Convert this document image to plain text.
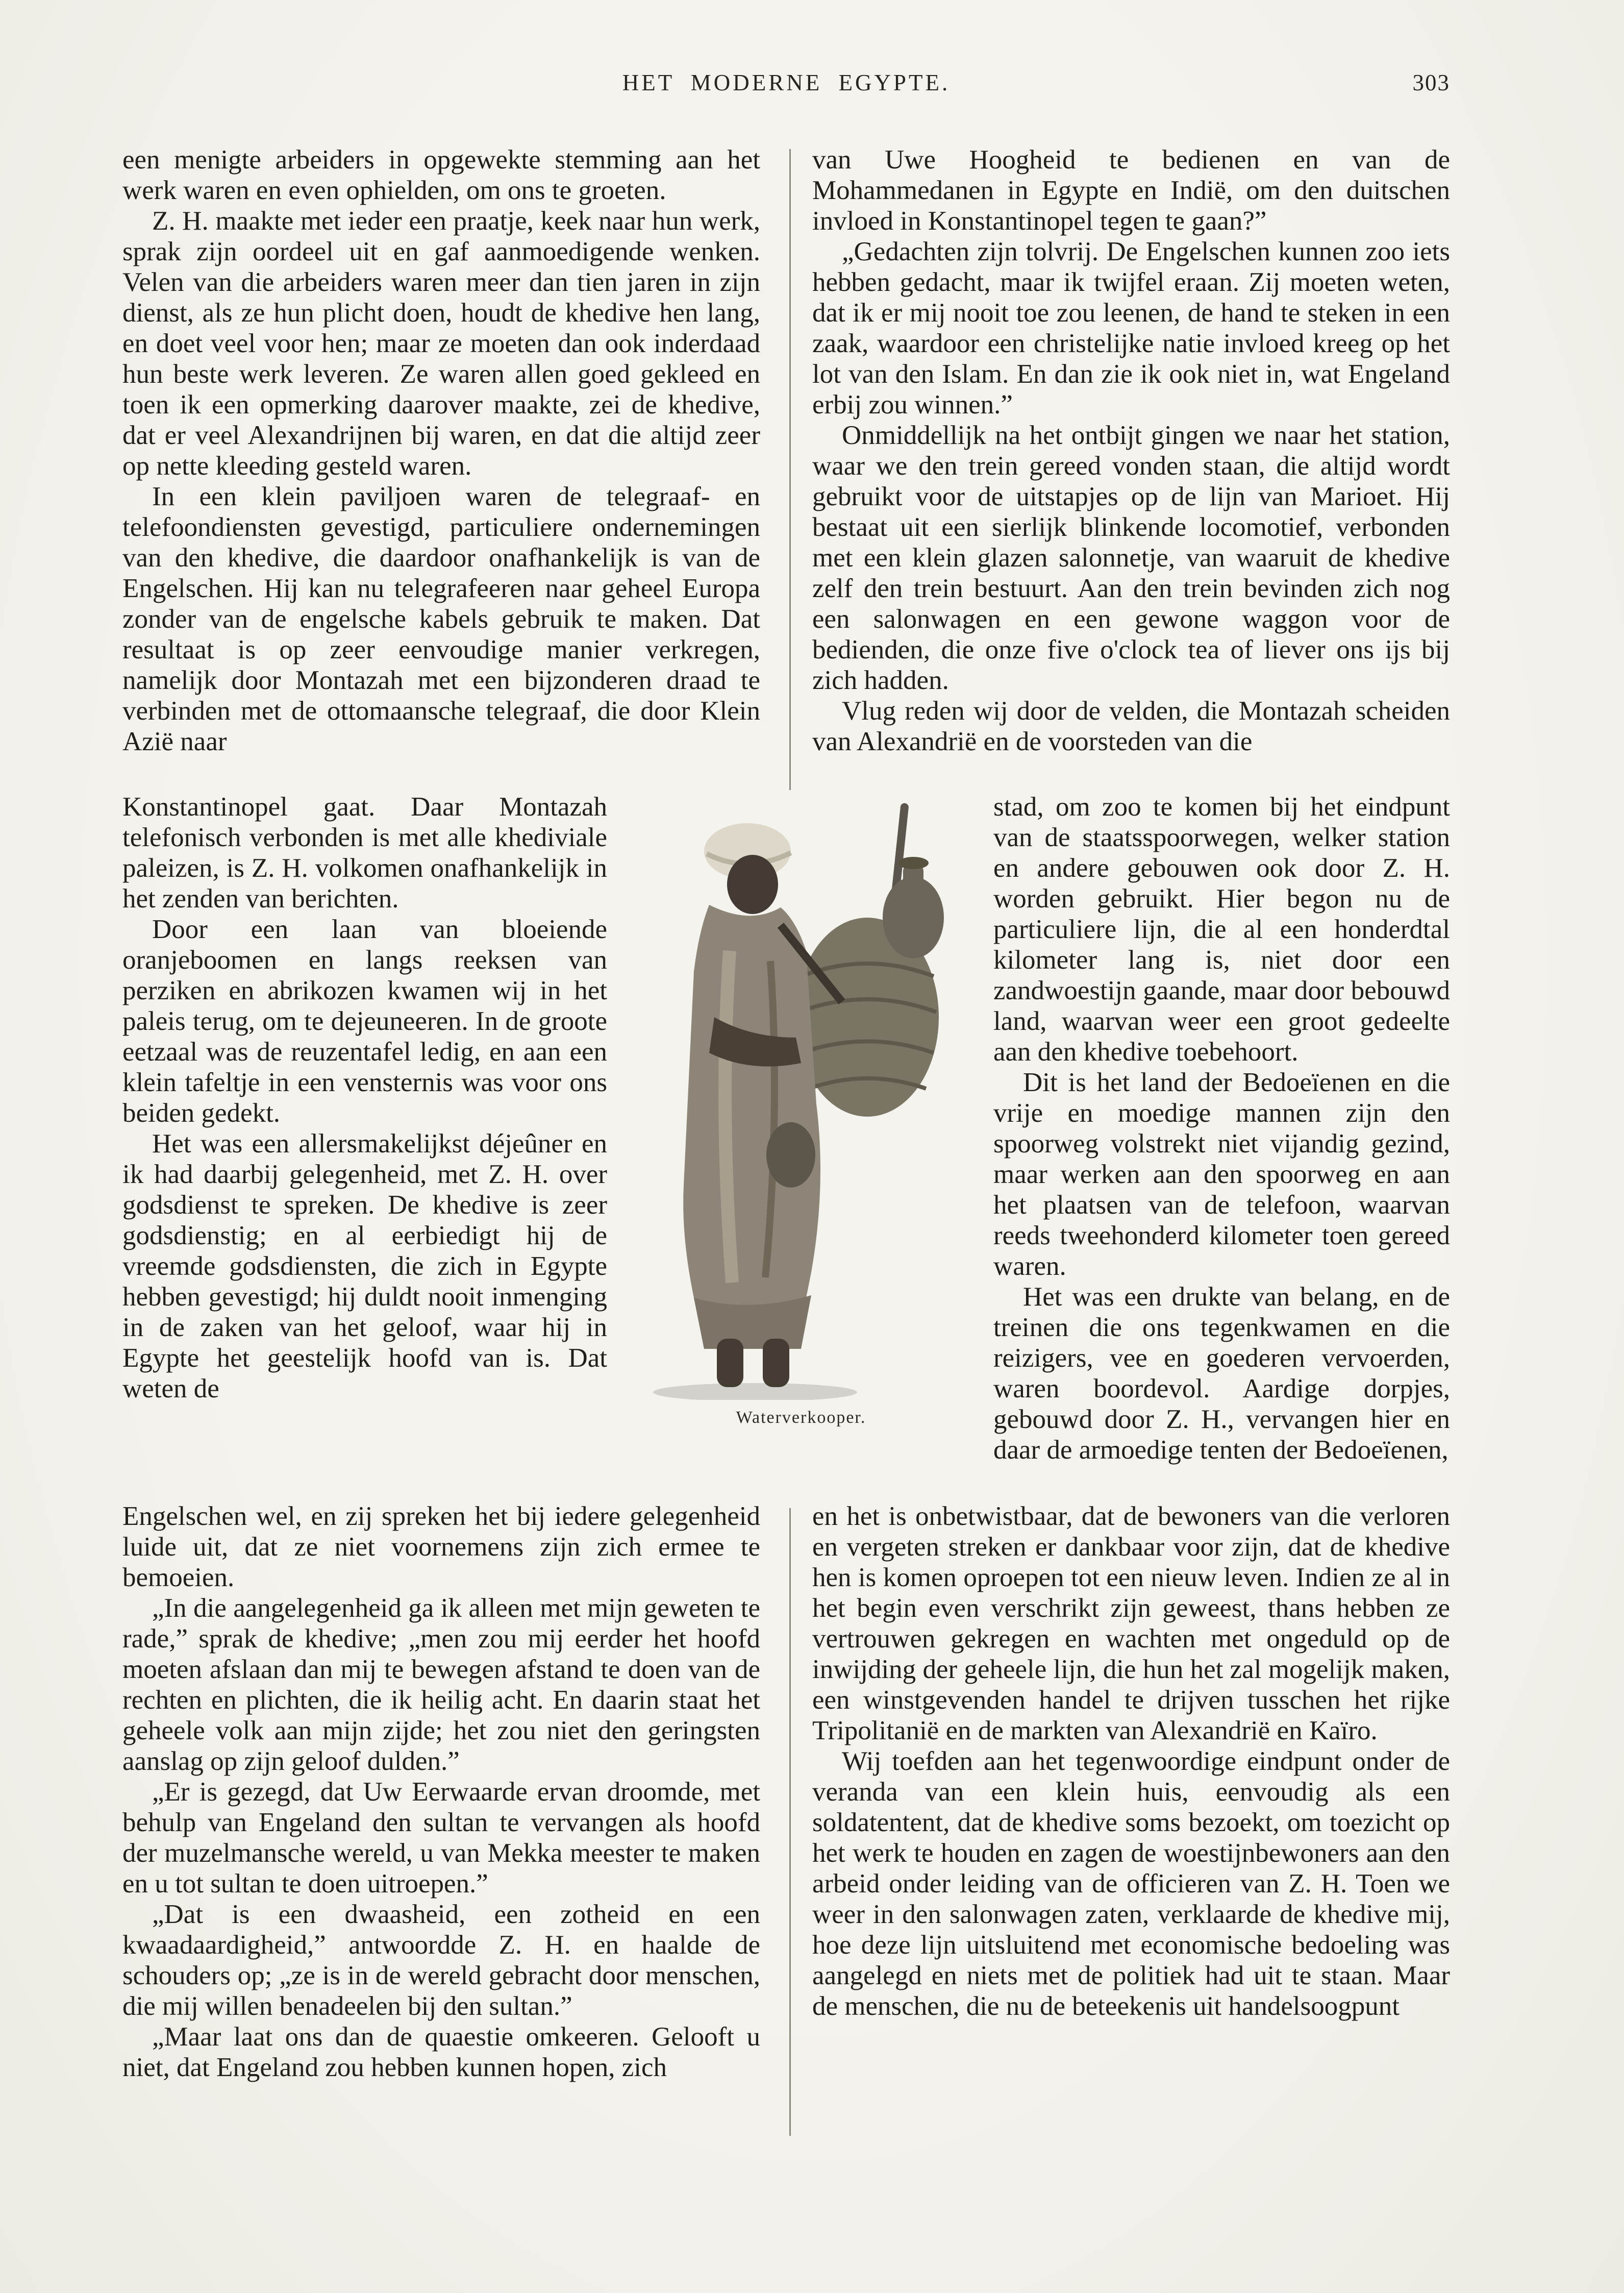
HET MODERNE EGYPTE.	303

een menigte arbeiders in opgewekte stemming aan het werk waren en even ophielden, om ons te groeten.

Z. H. maakte met ieder een praatje, keek naar hun werk, sprak zijn oordeel uit en gaf aanmoedigende wenken. Velen van die arbeiders waren meer dan tien jaren in zijn dienst, als ze hun plicht doen, houdt de khedive hen lang, en doet veel voor hen; maar ze moeten dan ook inderdaad hun beste werk leveren. Ze waren allen goed gekleed en toen ik een opmerking daarover maakte, zei de khedive, dat er veel Alexandrijnen bij waren, en dat die altijd zeer op nette kleeding gesteld waren.

In een klein paviljoen waren de telegraaf- en telefoondiensten gevestigd, particuliere ondernemingen van den khedive, die daardoor onafhankelijk is van de Engelschen. Hij kan nu telegrafeeren naar geheel Europa zonder van de engelsche kabels gebruik te maken. Dat resultaat is op zeer eenvoudige manier verkregen, namelijk door Montazah met een bijzonderen draad te verbinden met de ottomaansche telegraaf, die door Klein Azië naar

Konstantinopel gaat. Daar Montazah telefonisch verbonden is met alle khediviale paleizen, is Z. H. volkomen onafhankelijk in het zenden van berichten.

Door een laan van bloeiende oranjeboomen en langs reeksen van perziken en abrikozen kwamen wij in het paleis terug, om te dejeuneeren. In de groote eetzaal was de reuzentafel ledig, en aan een klein tafeltje in een vensternis was voor ons beiden gedekt.

Het was een allersmakelijkst déjeûner en ik had daarbij gelegenheid, met Z. H. over godsdienst te spreken. De khedive is zeer godsdienstig; en al eerbiedigt hij de vreemde godsdiensten, die zich in Egypte hebben gevestigd; hij duldt nooit inmenging in de zaken van het geloof, waar hij in Egypte het geestelijk hoofd van is. Dat weten de

Engelschen wel, en zij spreken het bij iedere gelegenheid luide uit, dat ze niet voornemens zijn zich ermee te bemoeien.

„In die aangelegenheid ga ik alleen met mijn geweten te rade,” sprak de khedive; „men zou mij eerder het hoofd moeten afslaan dan mij te bewegen afstand te doen van de rechten en plichten, die ik heilig acht. En daarin staat het geheele volk aan mijn zijde; het zou niet den geringsten aanslag op zijn geloof dulden.”

„Er is gezegd, dat Uw Eerwaarde ervan droomde, met behulp van Engeland den sultan te vervangen als hoofd der muzelmansche wereld, u van Mekka meester te maken en u tot sultan te doen uitroepen.”

„Dat is een dwaasheid, een zotheid en een kwaadaardigheid,” antwoordde Z. H. en haalde de schouders op; „ze is in de wereld gebracht door menschen, die mij willen benadeelen bij den sultan.”

„Maar laat ons dan de quaestie omkeeren. Gelooft u niet, dat Engeland zou hebben kunnen hopen, zich

van Uwe Hoogheid te bedienen en van de Mohammedanen in Egypte en Indië, om den duitschen invloed in Konstantinopel tegen te gaan?”

„Gedachten zijn tolvrij. De Engelschen kunnen zoo iets hebben gedacht, maar ik twijfel eraan. Zij moeten weten, dat ik er mij nooit toe zou leenen, de hand te steken in een zaak, waardoor een christelijke natie invloed kreeg op het lot van den Islam. En dan zie ik ook niet in, wat Engeland erbij zou winnen.”

Onmiddellijk na het ontbijt gingen we naar het station, waar we den trein gereed vonden staan, die altijd wordt gebruikt voor de uitstapjes op de lijn van Marioet. Hij bestaat uit een sierlijk blinkende locomotief, verbonden met een klein glazen salonnetje, van waaruit de khedive zelf den trein bestuurt. Aan den trein bevinden zich nog een salonwagen en een gewone waggon voor de bedienden, die onze five o'clock tea of liever ons ijs bij zich hadden.

Vlug reden wij door de velden, die Montazah scheiden van Alexandrië en de voorsteden van die

stad, om zoo te komen bij het eindpunt van de staatsspoorwegen, welker station en andere gebouwen ook door Z. H. worden gebruikt. Hier begon nu de particuliere lijn, die al een honderdtal kilometer lang is, niet door een zandwoestijn gaande, maar door bebouwd land, waarvan weer een groot gedeelte aan den khedive toebehoort.

Dit is het land der Bedoeïenen en die vrije en moedige mannen zijn den spoorweg volstrekt niet vijandig gezind, maar werken aan den spoorweg en aan het plaatsen van de telefoon, waarvan reeds tweehonderd kilometer toen gereed waren.

Het was een drukte van belang, en de treinen die ons tegenkwamen en die reizigers, vee en goederen vervoerden, waren boordevol. Aardige dorpjes, gebouwd door Z. H., vervangen hier en daar de armoedige tenten der Bedoeïenen,

en het is onbetwistbaar, dat de bewoners van die verloren en vergeten streken er dankbaar voor zijn, dat de khedive hen is komen oproepen tot een nieuw leven. Indien ze al in het begin even verschrikt zijn geweest, thans hebben ze vertrouwen gekregen en wachten met ongeduld op de inwijding der geheele lijn, die hun het zal mogelijk maken, een winstgevenden handel te drijven tusschen het rijke Tripolitanië en de markten van Alexandrië en Kaïro.

Wij toefden aan het tegenwoordige eindpunt onder de veranda van een klein huis, eenvoudig als een soldatentent, dat de khedive soms bezoekt, om toezicht op het werk te houden en zagen de woestijnbewoners aan den arbeid onder leiding van de officieren van Z. H. Toen we weer in den salonwagen zaten, verklaarde de khedive mij, hoe deze lijn uitsluitend met economische bedoeling was aangelegd en niets met de politiek had uit te staan. Maar de menschen, die nu de beteekenis uit handelsoogpunt

Waterverkooper.
